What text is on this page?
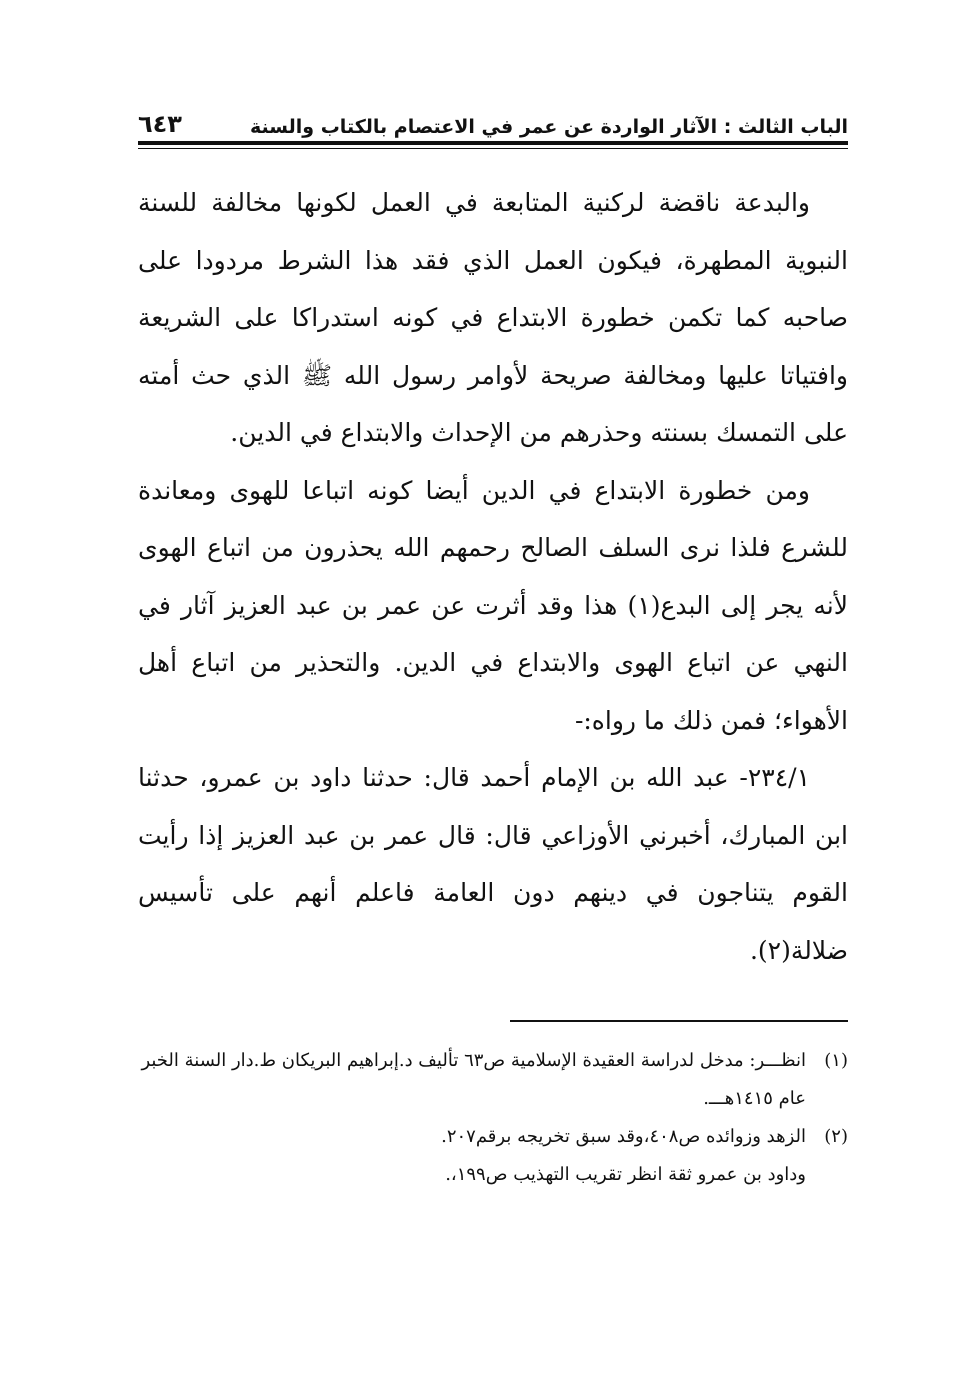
الباب الثالث : الآثار الواردة عن عمر في الاعتصام بالكتاب والسنة
٦٤٣

والبدعة ناقضة لركنية المتابعة في العمل لكونها مخالفة للسنة النبوية المطهرة، فيكون العمل الذي فقد هذا الشرط مردودا على صاحبه كما تكمن خطورة الابتداع في كونه استدراكا على الشريعة وافتياتا عليها ومخالفة صريحة لأوامر رسول الله ﷺ الذي حث أمته على التمسك بسنته وحذرهم من الإحداث والابتداع في الدين.

ومن خطورة الابتداع في الدين أيضا كونه اتباعا للهوى ومعاندة للشرع فلذا نرى السلف الصالح رحمهم الله يحذرون من اتباع الهوى لأنه يجر إلى البدع(١) هذا وقد أثرت عن عمر بن عبد العزيز آثار في النهي عن اتباع الهوى والابتداع في الدين. والتحذير من اتباع أهل الأهواء؛ فمن ذلك ما رواه:-

٢٣٤/١- عبد الله بن الإمام أحمد قال: حدثنا داود بن عمرو، حدثنا ابن المبارك، أخبرني الأوزاعي قال: قال عمر بن عبد العزيز إذا رأيت القوم يتناجون في دينهم دون العامة فاعلم أنهم على تأسيس ضلالة(٢).

(١)
انظـــر: مدخل لدراسة العقيدة الإسلامية ص٦٣ تأليف د.إبراهيم البريكان ط.دار السنة الخبر عام ١٤١٥هـــ.
(٢)
الزهد وزوائده ص٤٠٨،وقد سبق تخريجه برقم٢٠٧.
وداود بن عمرو ثقة انظر تقريب التهذيب ص١٩٩،.
